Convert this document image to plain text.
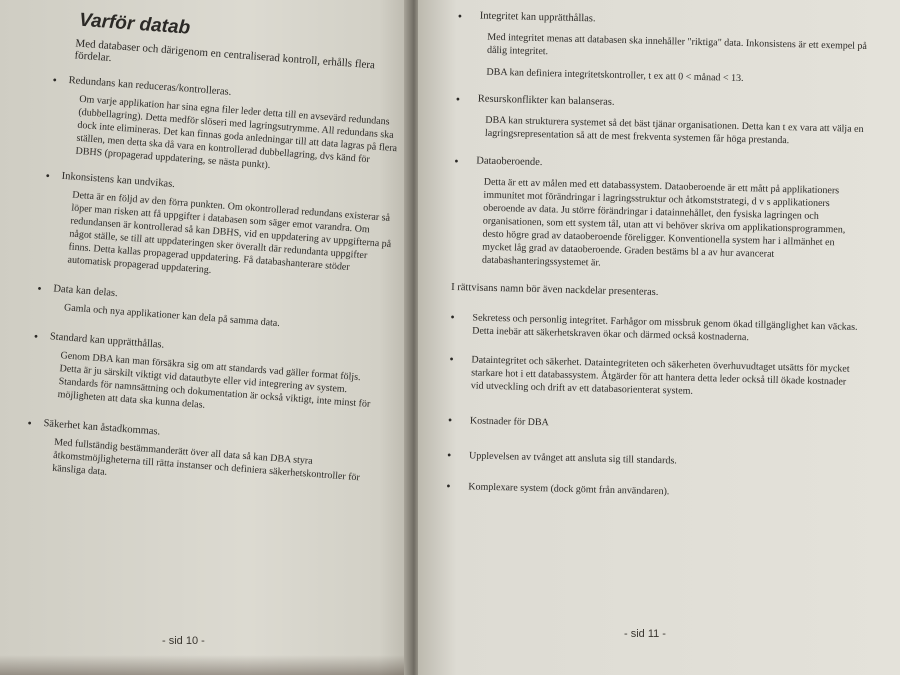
Varför datab
Med databaser och därigenom en centraliserad kontroll, erhålls flera fördelar.
• Redundans kan reduceras/kontrolleras.
Om varje applikation har sina egna filer leder detta till en avsevärd redundans (dubbellagring). Detta medför slöseri med lagringsutrymme. All redundans ska dock inte elimineras. Det kan finnas goda anledningar till att data lagras på flera ställen, men detta ska då vara en kontrollerad dubbellagring, dvs känd för DBHS (propagerad uppdatering, se nästa punkt).
• Inkonsistens kan undvikas.
Detta är en följd av den förra punkten. Om okontrollerad redundans existerar så löper man risken att få uppgifter i databasen som säger emot varandra. Om redundansen är kontrollerad så kan DBHS, vid en uppdatering av uppgifterna på något ställe, se till att uppdateringen sker överallt där redundanta uppgifter finns. Detta kallas propagerad uppdatering. Få databashanterare stöder automatisk propagerad uppdatering.
• Data kan delas.
Gamla och nya applikationer kan dela på samma data.
• Standard kan upprätthållas.
Genom DBA kan man försäkra sig om att standards vad gäller format följs. Detta är ju särskilt viktigt vid datautbyte eller vid integrering av system. Standards för namnsättning och dokumentation är också viktigt, inte minst för möjligheten att data ska kunna delas.
• Säkerhet kan åstadkommas.
Med fullständig bestämmanderätt över all data så kan DBA styra åtkomstmöjligheterna till rätta instanser och definiera säkerhetskontroller för känsliga data.
• Integritet kan upprätthållas.
Med integritet menas att databasen ska innehåller "riktiga" data. Inkonsistens är ett exempel på dålig integritet.
DBA kan definiera integritetskontroller, t ex att 0 < månad < 13.
• Resurskonflikter kan balanseras.
DBA kan strukturera systemet så det bäst tjänar organisationen. Detta kan t ex vara att välja en lagringsrepresentation så att de mest frekventa systemen får höga prestanda.
• Dataoberoende.
Detta är ett av målen med ett databassystem. Dataoberoende är ett mått på applikationers immunitet mot förändringar i lagringsstruktur och åtkomststrategi, d v s applikationers oberoende av data. Ju större förändringar i datainnehållet, den fysiska lagringen och organisationen, som ett system tål, utan att vi behöver skriva om applikationsprogrammen, desto högre grad av dataoberoende föreligger. Konventionella system har i allmänhet en mycket låg grad av dataoberoende. Graden bestäms bl a av hur avancerat databashanteringssystemet är.
I rättvisans namn bör även nackdelar presenteras.
• Sekretess och personlig integritet. Farhågor om missbruk genom ökad tillgänglighet kan väckas. Detta inebär att säkerhetskraven ökar och därmed också kostnaderna.
• Dataintegritet och säkerhet. Dataintegriteten och säkerheten överhuvudtaget utsätts för mycket starkare hot i ett databassystem. Åtgärder för att hantera detta leder också till ökade kostnader vid utveckling och drift av ett databasorienterat system.
• Kostnader för DBA
• Upplevelsen av tvånget att ansluta sig till standards.
• Komplexare system (dock gömt från användaren).
- sid 10 -
- sid 11 -
